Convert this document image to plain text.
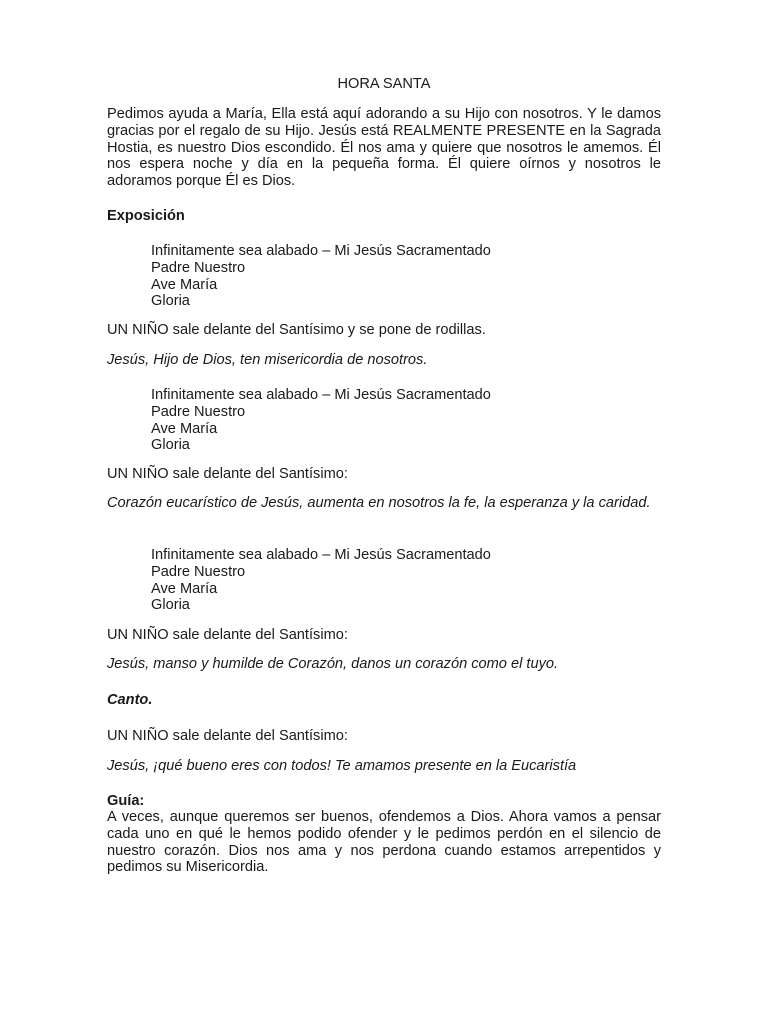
HORA SANTA

Pedimos ayuda a María, Ella está aquí adorando a su Hijo con nosotros. Y le damos gracias por el regalo de su Hijo. Jesús está REALMENTE PRESENTE en la Sagrada Hostia, es nuestro Dios escondido. Él nos ama y quiere que nosotros le amemos. Él nos espera noche y día en la pequeña forma. Él quiere oírnos y nosotros le adoramos porque Él es Dios.

Exposición

Infinitamente sea alabado – Mi Jesús Sacramentado
Padre Nuestro
Ave María
Gloria

UN NIÑO sale delante del Santísimo y se pone de rodillas.

Jesús, Hijo de Dios, ten misericordia de nosotros.

Infinitamente sea alabado – Mi Jesús Sacramentado
Padre Nuestro
Ave María
Gloria

UN NIÑO sale delante del Santísimo:

Corazón eucarístico de Jesús, aumenta en nosotros la fe, la esperanza y la caridad.

Infinitamente sea alabado – Mi Jesús Sacramentado
Padre Nuestro
Ave María
Gloria

UN NIÑO sale delante del Santísimo:

Jesús, manso y humilde de Corazón, danos un corazón como el tuyo.

Canto.

UN NIÑO sale delante del Santísimo:

Jesús, ¡qué bueno eres con todos! Te amamos presente en la Eucaristía

Guía:

A veces, aunque queremos ser buenos, ofendemos a Dios. Ahora vamos a pensar cada uno en qué le hemos podido ofender y le pedimos perdón en el silencio de nuestro corazón. Dios nos ama y nos perdona cuando estamos arrepentidos y pedimos su Misericordia.
